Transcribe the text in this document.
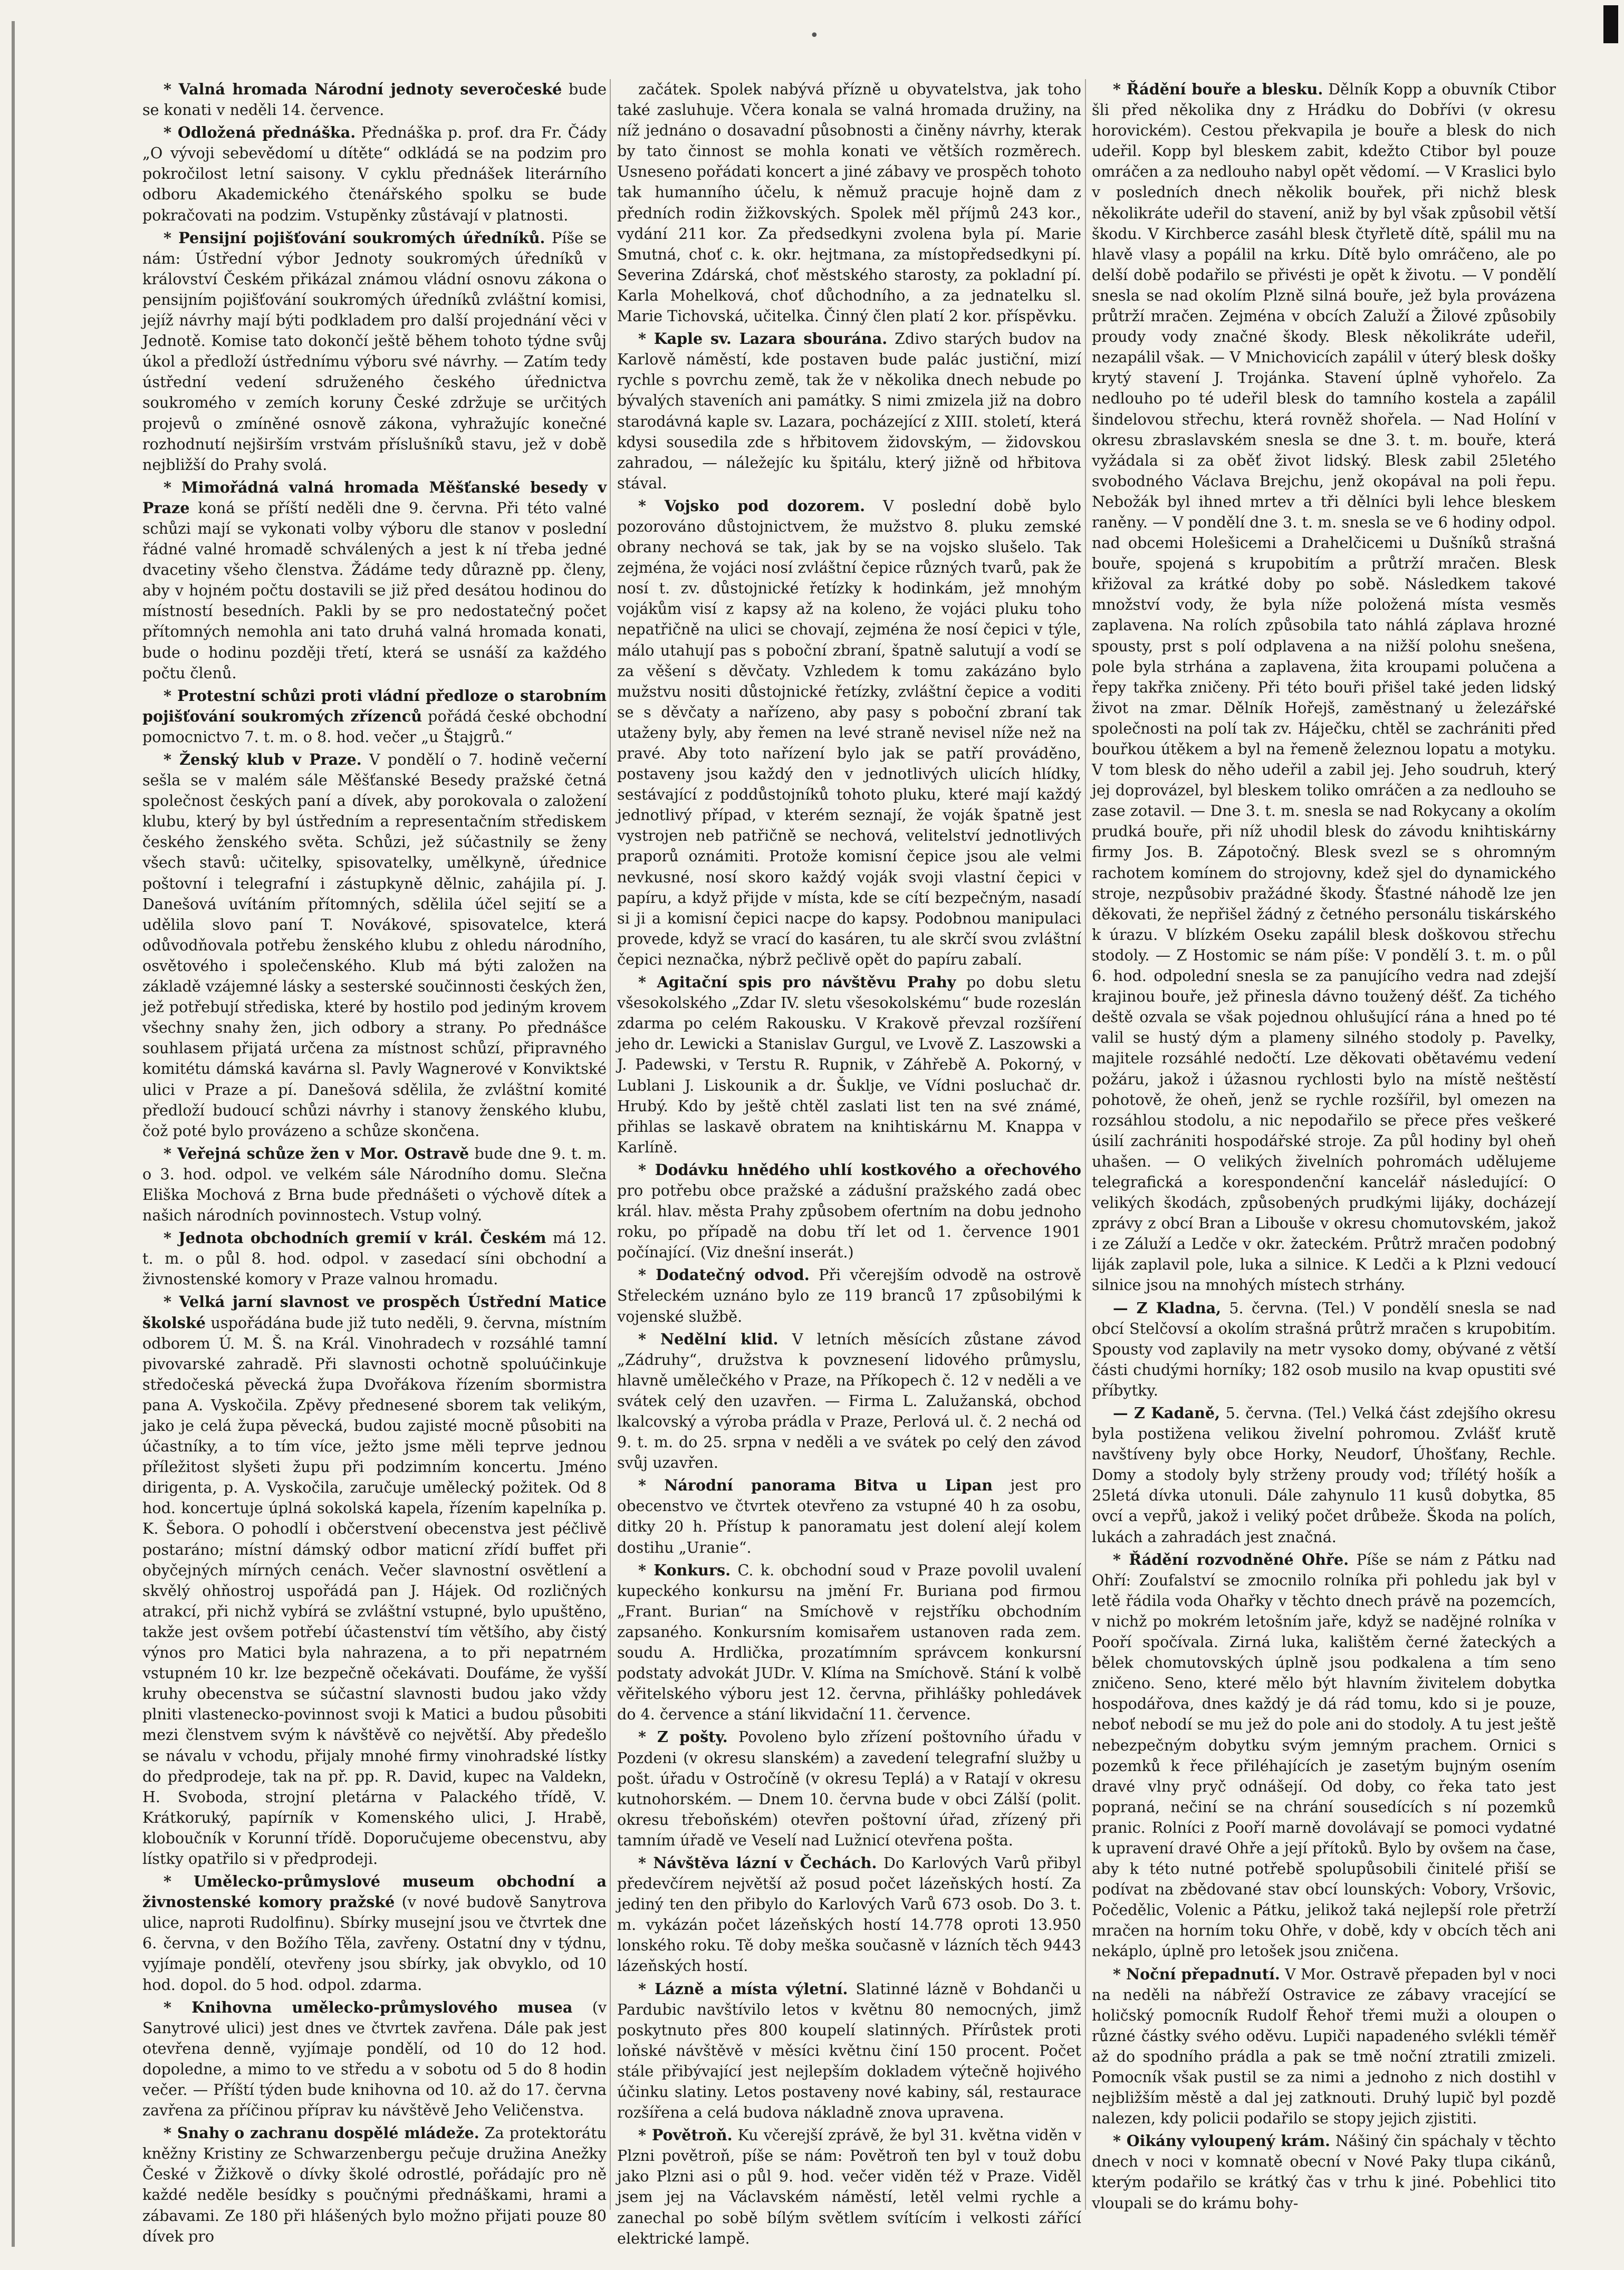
•

* Valná hromada Národní jednoty severočeské bude se konati v neděli 14. července.

* Odložená přednáška. Přednáška p. prof. dra Fr. Čády „O vývoji sebevědomí u dítěte“ odkládá se na podzim pro pokročilost letní saisony. V cyklu přednášek literárního odboru Akademického čtenářského spolku se bude pokračovati na podzim. Vstupěnky zůstávají v platnosti.

* Pensijní pojišťování soukromých úředníků. Píše se nám: Ústřední výbor Jednoty soukromých úředníků v království Českém přikázal známou vládní osnovu zákona o pensijním pojišťování soukromých úředníků zvláštní komisi, jejíž návrhy mají býti podkladem pro další projednání věci v Jednotě. Komise tato dokončí ještě během tohoto týdne svůj úkol a předloží ústřednímu výboru své návrhy. — Zatím tedy ústřední vedení sdruženého českého úřednictva soukromého v zemích koruny České zdržuje se určitých projevů o zmíněné osnově zákona, vyhražujíc konečné rozhodnutí nejširším vrstvám příslušníků stavu, jež v době nejbližší do Prahy svolá.

* Mimořádná valná hromada Měšťanské besedy v Praze koná se příští neděli dne 9. června. Při této valné schůzi mají se vykonati volby výboru dle stanov v poslední řádné valné hromadě schválených a jest k ní třeba jedné dvacetiny všeho členstva. Žádáme tedy důrazně pp. členy, aby v hojném počtu dostavili se již před desátou hodinou do místností besedních. Pakli by se pro nedostatečný počet přítomných nemohla ani tato druhá valná hromada konati, bude o hodinu později třetí, která se usnáší za každého počtu členů.

* Protestní schůzi proti vládní předloze o starobním pojišťování soukromých zřízenců pořádá české obchodní pomocnictvo 7. t. m. o 8. hod. večer „u Štajgrů.“

* Ženský klub v Praze. V pondělí o 7. hodině večerní sešla se v malém sále Měšťanské Besedy pražské četná společnost českých paní a dívek, aby porokovala o založení klubu, který by byl ústředním a representačním střediskem českého ženského světa. Schůzi, jež súčastnily se ženy všech stavů: učitelky, spisovatelky, umělkyně, úřednice poštovní i telegrafní i zástupkyně dělnic, zahájila pí. J. Danešová uvítáním přítomných, sdělila účel sejití se a udělila slovo paní T. Novákové, spisovatelce, která odůvodňovala potřebu ženského klubu z ohledu národního, osvětového i společenského. Klub má býti založen na základě vzájemné lásky a sesterské součinnosti českých žen, jež potřebují střediska, které by hostilo pod jediným krovem všechny snahy žen, jich odbory a strany. Po přednášce souhlasem přijatá určena za místnost schůzí, připravného komitétu dámská kavárna sl. Pavly Wagnerové v Konviktské ulici v Praze a pí. Danešová sdělila, že zvláštní komité předloží budoucí schůzi návrhy i stanovy ženského klubu, čož poté bylo provázeno a schůze skončena.

* Veřejná schůze žen v Mor. Ostravě bude dne 9. t. m. o 3. hod. odpol. ve velkém sále Národního domu. Slečna Eliška Mochová z Brna bude přednášeti o výchově dítek a našich národních povinnostech. Vstup volný.

* Jednota obchodních gremií v král. Českém má 12. t. m. o půl 8. hod. odpol. v zasedací síni obchodní a živnostenské komory v Praze valnou hromadu.

* Velká jarní slavnost ve prospěch Ústřední Matice školské uspořádána bude již tuto neděli, 9. června, místním odborem Ú. M. Š. na Král. Vinohradech v rozsáhlé tamní pivovarské zahradě. Při slavnosti ochotně spoluúčinkuje středočeská pěvecká župa Dvořákova řízením sbormistra pana A. Vyskočila. Zpěvy přednesené sborem tak velikým, jako je celá župa pěvecká, budou zajisté mocně působiti na účastníky, a to tím více, ježto jsme měli teprve jednou příležitost slyšeti župu při podzimním koncertu. Jméno dirigenta, p. A. Vyskočila, zaručuje umělecký požitek. Od 8 hod. koncertuje úplná sokolská kapela, řízením kapelníka p. K. Šebora. O pohodlí i občerstvení obecenstva jest péčlivě postaráno; místní dámský odbor maticní zřídí buffet při obyčejných mírných cenách. Večer slavnostní osvětlení a skvělý ohňostroj uspořádá pan J. Hájek. Od rozličných atrakcí, při nichž vybírá se zvláštní vstupné, bylo upuštěno, takže jest ovšem potřebí účastenství tím většího, aby čistý výnos pro Matici byla nahrazena, a to při nepatrném vstupném 10 kr. lze bezpečně očekávati. Doufáme, že vyšší kruhy obecenstva se súčastní slavnosti budou jako vždy plniti vlastenecko-povinnost svoji k Matici a budou působiti mezi členstvem svým k návštěvě co největší. Aby předešlo se návalu v vchodu, přijaly mnohé firmy vinohradské lístky do předprodeje, tak na př. pp. R. David, kupec na Valdekn, H. Svoboda, strojní pletárna v Palackého třídě, V. Krátkoruký, papírník v Komenského ulici, J. Hrabě, kloboučník v Korunní třídě. Doporučujeme obecenstvu, aby lístky opatřilo si v předprodeji.

* Umělecko-průmyslové museum obchodní a živnostenské komory pražské (v nové budově Sanytrova ulice, naproti Rudolfinu). Sbírky musejní jsou ve čtvrtek dne 6. června, v den Božího Těla, zavřeny. Ostatní dny v týdnu, vyjímaje pondělí, otevřeny jsou sbírky, jak obvyklo, od 10 hod. dopol. do 5 hod. odpol. zdarma.

* Knihovna umělecko-průmyslového musea (v Sanytrové ulici) jest dnes ve čtvrtek zavřena. Dále pak jest otevřena denně, vyjímaje pondělí, od 10 do 12 hod. dopoledne, a mimo to ve středu a v sobotu od 5 do 8 hodin večer. — Příští týden bude knihovna od 10. až do 17. června zavřena za příčinou příprav ku návštěvě Jeho Veličenstva.

* Snahy o zachranu dospělé mládeže. Za protektorátu kněžny Kristiny ze Schwarzenbergu pečuje družina Anežky České v Žižkově o dívky školé odrostlé, pořádajíc pro ně každé neděle besídky s poučnými přednáškami, hrami a zábavami. Ze 180 při hlášených bylo možno přijati pouze 80 dívek pro

začátek. Spolek nabývá přízně u obyvatelstva, jak toho také zasluhuje. Včera konala se valná hromada družiny, na níž jednáno o dosavadní působnosti a činěny návrhy, kterak by tato činnost se mohla konati ve větších rozměrech. Usneseno pořádati koncert a jiné zábavy ve prospěch tohoto tak humanního účelu, k němuž pracuje hojně dam z předních rodin žižkovských. Spolek měl příjmů 243 kor., vydání 211 kor. Za předsedkyni zvolena byla pí. Marie Smutná, choť c. k. okr. hejtmana, za místopředsedkyni pí. Severina Zdárská, choť městského starosty, za pokladní pí. Karla Mohelková, choť důchodního, a za jednatelku sl. Marie Tichovská, učitelka. Činný člen platí 2 kor. příspěvku.

* Kaple sv. Lazara sbourána. Zdivo starých budov na Karlově náměstí, kde postaven bude palác justiční, mizí rychle s povrchu země, tak že v několika dnech nebude po bývalých staveních ani památky. S nimi zmizela již na dobro starodávná kaple sv. Lazara, pocházející z XIII. století, která kdysi sousedila zde s hřbitovem židovským, — židovskou zahradou, — náležejíc ku špitálu, který jižně od hřbitova stával.

* Vojsko pod dozorem. V poslední době bylo pozorováno důstojnictvem, že mužstvo 8. pluku zemské obrany nechová se tak, jak by se na vojsko slušelo. Tak zejména, že vojáci nosí zvláštní čepice různých tvarů, pak že nosí t. zv. důstojnické řetízky k hodinkám, jež mnohým vojákům visí z kapsy až na koleno, že vojáci pluku toho nepatřičně na ulici se chovají, zejména že nosí čepici v týle, málo utahují pas s poboční zbraní, špatně salutují a vodí se za věšení s děvčaty. Vzhledem k tomu zakázáno bylo mužstvu nositi důstojnické řetízky, zvláštní čepice a voditi se s děvčaty a nařízeno, aby pasy s poboční zbraní tak utaženy byly, aby řemen na levé straně nevisel níže než na pravé. Aby toto nařízení bylo jak se patří prováděno, postaveny jsou každý den v jednotlivých ulicích hlídky, sestávající z poddůstojníků tohoto pluku, které mají každý jednotlivý případ, v kterém seznají, že voják špatně jest vystrojen neb patřičně se nechová, velitelství jednotlivých praporů oznámiti. Protože komisní čepice jsou ale velmi nevkusné, nosí skoro každý voják svoji vlastní čepici v papíru, a když přijde v místa, kde se cítí bezpečným, nasadí si ji a komisní čepici nacpe do kapsy. Podobnou manipulaci provede, když se vrací do kasáren, tu ale skrčí svou zvláštní čepici neznačka, nýbrž pečlivě opět do papíru zabalí.

* Agitační spis pro návštěvu Prahy po dobu sletu všesokolského „Zdar IV. sletu všesokolskému“ bude rozeslán zdarma po celém Rakousku. V Krakově převzal rozšíření jeho dr. Lewicki a Stanislav Gurgul, ve Lvově Z. Laszowski a J. Padewski, v Terstu R. Rupnik, v Záhřebě A. Pokorný, v Lublani J. Liskounik a dr. Šuklje, ve Vídni posluchač dr. Hrubý. Kdo by ještě chtěl zaslati list ten na své známé, přihlas se laskavě obratem na knihtiskárnu M. Knappa v Karlíně.

* Dodávku hnědého uhlí kostkového a ořechového pro potřebu obce pražské a zádušní pražského zadá obec král. hlav. města Prahy způsobem ofertním na dobu jednoho roku, po případě na dobu tří let od 1. července 1901 počínající. (Viz dnešní inserát.)

* Dodatečný odvod. Při včerejším odvodě na ostrově Střeleckém uznáno bylo ze 119 branců 17 způsobilými k vojenské službě.

* Nedělní klid. V letních měsících zůstane závod „Zádruhy“, družstva k povznesení lidového průmyslu, hlavně umělečkého v Praze, na Příkopech č. 12 v neděli a ve svátek celý den uzavřen. — Firma L. Zalužanská, obchod lkalcovský a výroba prádla v Praze, Perlová ul. č. 2 nechá od 9. t. m. do 25. srpna v neděli a ve svátek po celý den závod svůj uzavřen.

* Národní panorama Bitva u Lipan jest pro obecenstvo ve čtvrtek otevřeno za vstupné 40 h za osobu, ditky 20 h. Přístup k panoramatu jest dolení alejí kolem dostihu „Uranie“.

* Konkurs. C. k. obchodní soud v Praze povolil uvalení kupeckého konkursu na jmění Fr. Buriana pod firmou „Frant. Burian“ na Smíchově v rejstříku obchodním zapsaného. Konkursním komisařem ustanoven rada zem. soudu A. Hrdlička, prozatímním správcem konkursní podstaty advokát JUDr. V. Klíma na Smíchově. Stání k volbě věřitelského výboru jest 12. června, přihlášky pohledávek do 4. července a stání likvidační 11. července.

* Z pošty. Povoleno bylo zřízení poštovního úřadu v Pozdeni (v okresu slanském) a zavedení telegrafní služby u pošt. úřadu v Ostročíně (v okresu Teplá) a v Ratají v okresu kutnohorském. — Dnem 10. června bude v obci Zálší (polit. okresu třeboňském) otevřen poštovní úřad, zřízený při tamním úřadě ve Veselí nad Lužnicí otevřena pošta.

* Návštěva lázní v Čechách. Do Karlových Varů přibyl předevčírem největší až posud počet lázeňských hostí. Za jediný ten den přibylo do Karlových Varů 673 osob. Do 3. t. m. vykázán počet lázeňských hostí 14.778 oproti 13.950 lonského roku. Tě doby meška současně v lázních těch 9443 lázeňských hostí.

* Lázně a místa výletní. Slatinné lázně v Bohdanči u Pardubic navštívilo letos v květnu 80 nemocných, jimž poskytnuto přes 800 koupelí slatinných. Přírůstek proti loňské návštěvě v měsíci květnu činí 150 procent. Počet stále přibývající jest nejlepším dokladem výtečně hojivého účinku slatiny. Letos postaveny nové kabiny, sál, restaurace rozšířena a celá budova nákladně znova upravena.

* Povětroň. Ku včerejší zprávě, že byl 31. května viděn v Plzni povětroň, píše se nám: Povětroň ten byl v touž dobu jako Plzni asi o půl 9. hod. večer viděn též v Praze. Viděl jsem jej na Václavském náměstí, letěl velmi rychle a zanechal po sobě bílým světlem svítícím i velkosti zářící elektrické lampě.

* Řádění bouře a blesku. Dělník Kopp a obuvník Ctibor šli před několika dny z Hrádku do Dobřívi (v okresu horovickém). Cestou překvapila je bouře a blesk do nich udeřil. Kopp byl bleskem zabit, kdežto Ctibor byl pouze omráčen a za nedlouho nabyl opět vědomí. — V Kraslici bylo v posledních dnech několik bouřek, při nichž blesk několikráte udeřil do stavení, aniž by byl však způsobil větší škodu. V Kirchberce zasáhl blesk čtyřletě dítě, spálil mu na hlavě vlasy a popálil na krku. Dítě bylo omráčeno, ale po delší době podařilo se přivésti je opět k životu. — V pondělí snesla se nad okolím Plzně silná bouře, jež byla provázena průtrží mračen. Zejména v obcích Zaluží a Žilové způsobily proudy vody značné škody. Blesk několikráte udeřil, nezapálil však. — V Mnichovicích zapálil v úterý blesk došky krytý stavení J. Trojánka. Stavení úplně vyhořelo. Za nedlouho po té udeřil blesk do tamního kostela a zapálil šindelovou střechu, která rovněž shořela. — Nad Holíní v okresu zbraslavském snesla se dne 3. t. m. bouře, která vyžádala si za oběť život lidský. Blesk zabil 25letého svobodného Václava Brejchu, jenž okopával na poli řepu. Nebožák byl ihned mrtev a tři dělníci byli lehce bleskem raněny. — V pondělí dne 3. t. m. snesla se ve 6 hodiny odpol. nad obcemi Holešicemi a Drahelčicemi u Dušníků strašná bouře, spojená s krupobitím a průtrží mračen. Blesk křižoval za krátké doby po sobě. Následkem takové množství vody, že byla níže položená místa vesměs zaplavena. Na rolích způsobila tato náhlá záplava hrozné spousty, prst s polí odplavena a na nižší polohu snešena, pole byla strhána a zaplavena, žita kroupami polučena a řepy takřka zničeny. Při této bouři přišel také jeden lidský život na zmar. Dělník Hořejš, zaměstnaný u železářské společnosti na polí tak zv. Háječku, chtěl se zachrániti před bouřkou útěkem a byl na řemeně železnou lopatu a motyku. V tom blesk do něho udeřil a zabil jej. Jeho soudruh, který jej doprovázel, byl bleskem toliko omráčen a za nedlouho se zase zotavil. — Dne 3. t. m. snesla se nad Rokycany a okolím prudká bouře, při níž uhodil blesk do závodu knihtiskárny firmy Jos. B. Zápotočný. Blesk svezl se s ohromným rachotem komínem do strojovny, kdež sjel do dynamického stroje, nezpůsobiv pražádné škody. Šťastné náhodě lze jen děkovati, že nepřišel žádný z četného personálu tiskárského k úrazu. V blízkém Oseku zapálil blesk doškovou střechu stodoly. — Z Hostomic se nám píše: V pondělí 3. t. m. o půl 6. hod. odpolední snesla se za panujícího vedra nad zdejší krajinou bouře, jež přinesla dávno toužený déšť. Za tichého deště ozvala se však pojednou ohlušující rána a hned po té valil se hustý dým a plameny silného stodoly p. Pavelky, majitele rozsáhlé nedočtí. Lze děkovati obětavému vedení požáru, jakož i úžasnou rychlosti bylo na místě neštěstí pohotově, že oheň, jenž se rychle rozšířil, byl omezen na rozsáhlou stodolu, a nic nepodařilo se přece přes veškeré úsilí zachrániti hospodářské stroje. Za půl hodiny byl oheň uhašen. — O velikých živelních pohromách udělujeme telegrafická a korespondenční kancelář následující: O velikých škodách, způsobených prudkými lijáky, docházejí zprávy z obcí Bran a Libouše v okresu chomutovském, jakož i ze Záluží a Ledče v okr. žateckém. Průtrž mračen podobný liják zaplavil pole, luka a silnice. K Ledči a k Plzni vedoucí silnice jsou na mnohých místech strhány.

— Z Kladna, 5. června. (Tel.) V pondělí snesla se nad obcí Stelčovsí a okolím strašná průtrž mračen s krupobitím. Spousty vod zaplavily na metr vysoko domy, obývané z větší části chudými horníky; 182 osob musilo na kvap opustiti své příbytky.

— Z Kadaně, 5. června. (Tel.) Velká část zdejšího okresu byla postižena velikou živelní pohromou. Zvlášť krutě navštíveny byly obce Horky, Neudorf, Úhošťany, Rechle. Domy a stodoly byly strženy proudy vod; třílétý hošík a 25letá dívka utonuli. Dále zahynulo 11 kusů dobytka, 85 ovcí a vepřů, jakož i veliký počet drůbeže. Škoda na polích, lukách a zahradách jest značná.

* Řádění rozvodněné Ohře. Píše se nám z Pátku nad Ohří: Zoufalství se zmocnilo rolníka při pohledu jak byl v letě řádila voda Ohařky v těchto dnech právě na pozemcích, v nichž po mokrém letošním jaře, když se nadějné rolníka v Pooří spočívala. Zirná luka, kalištěm černé žateckých a bělek chomutovských úplně jsou podkalena a tím seno zničeno. Seno, které mělo být hlavním živitelem dobytka hospodářova, dnes každý je dá rád tomu, kdo si je pouze, neboť nebodí se mu jež do pole ani do stodoly. A tu jest ještě nebezpečným dobytku svým jemným prachem. Ornici s pozemků k řece přiléhajících je zasetým bujným osením dravé vlny pryč odnášejí. Od doby, co řeka tato jest popraná, nečiní se na chrání sousedících s ní pozemků pranic. Rolníci z Pooří marně dovolávají se pomoci vydatné k upravení dravé Ohře a její přítoků. Bylo by ovšem na čase, aby k této nutné potřebě spolupůsobili činitelé přiší se podívat na zbědované stav obcí lounských: Vobory, Vršovic, Počedělic, Volenic a Pátku, jelikož taká nejlepší role přetrží mračen na horním toku Ohře, v době, kdy v obcích těch ani nekáplo, úplně pro letošek jsou zničena.

* Noční přepadnutí. V Mor. Ostravě přepaden byl v noci na neděli na nábřeží Ostravice ze zábavy vracející se holičský pomocník Rudolf Řehoř třemi muži a oloupen o různé částky svého oděvu. Lupiči napadeného svlékli téměř až do spodního prádla a pak se tmě noční ztratili zmizeli. Pomocník však pustil se za nimi a jednoho z nich dostihl v nejbližším městě a dal jej zatknouti. Druhý lupič byl pozdě nalezen, kdy policii podařilo se stopy jejich zjistiti.

* Oikány vyloupený krám. Nášiný čin spáchaly v těchto dnech v noci v komnatě obecní v Nové Paky tlupa cikánů, kterým podařilo se krátký čas v trhu k jiné. Pobehlici tito vloupali se do krámu bohy-
